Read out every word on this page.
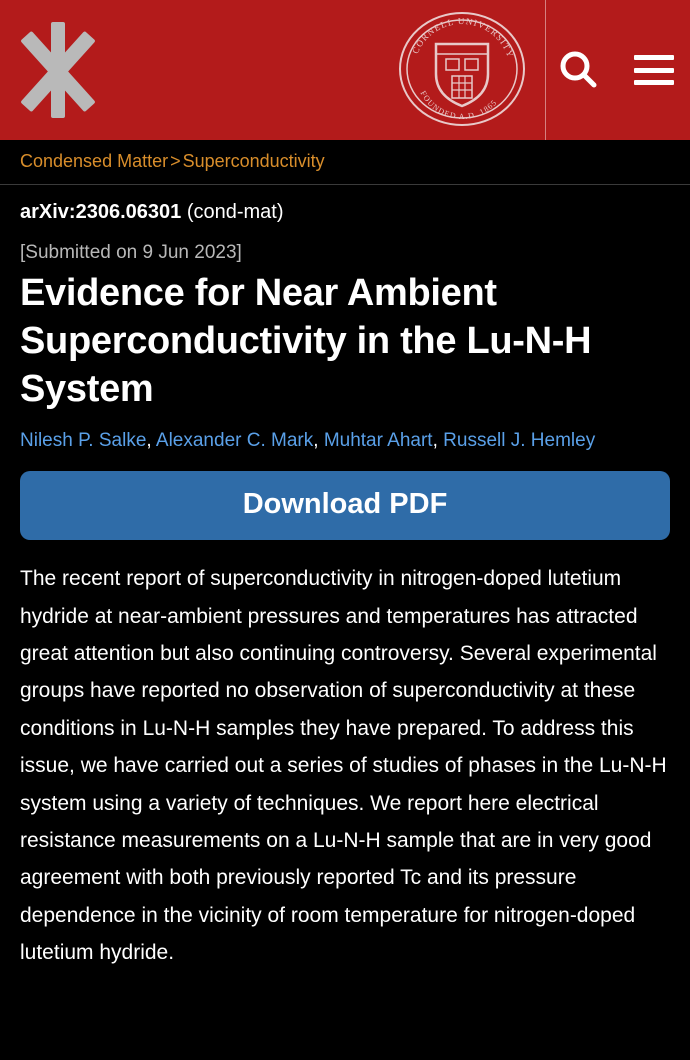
CORNELL UNIVERSITY
FOUNDED A.D. 1865
Condensed Matter > Superconductivity
arXiv:2306.06301 (cond-mat)
[Submitted on 9 Jun 2023]
Evidence for Near Ambient Superconductivity in the Lu-N-H System
Nilesh P. Salke, Alexander C. Mark, Muhtar Ahart, Russell J. Hemley
Download PDF

The recent report of superconductivity in nitrogen-doped lutetium hydride at near-ambient pressures and temperatures has attracted great attention but also continuing controversy. Several experimental groups have reported no observation of superconductivity at these conditions in Lu-N-H samples they have prepared. To address this issue, we have carried out a series of studies of phases in the Lu-N-H system using a variety of techniques. We report here electrical resistance measurements on a Lu-N-H sample that are in very good agreement with both previously reported Tc and its pressure dependence in the vicinity of room temperature for nitrogen-doped lutetium hydride.
